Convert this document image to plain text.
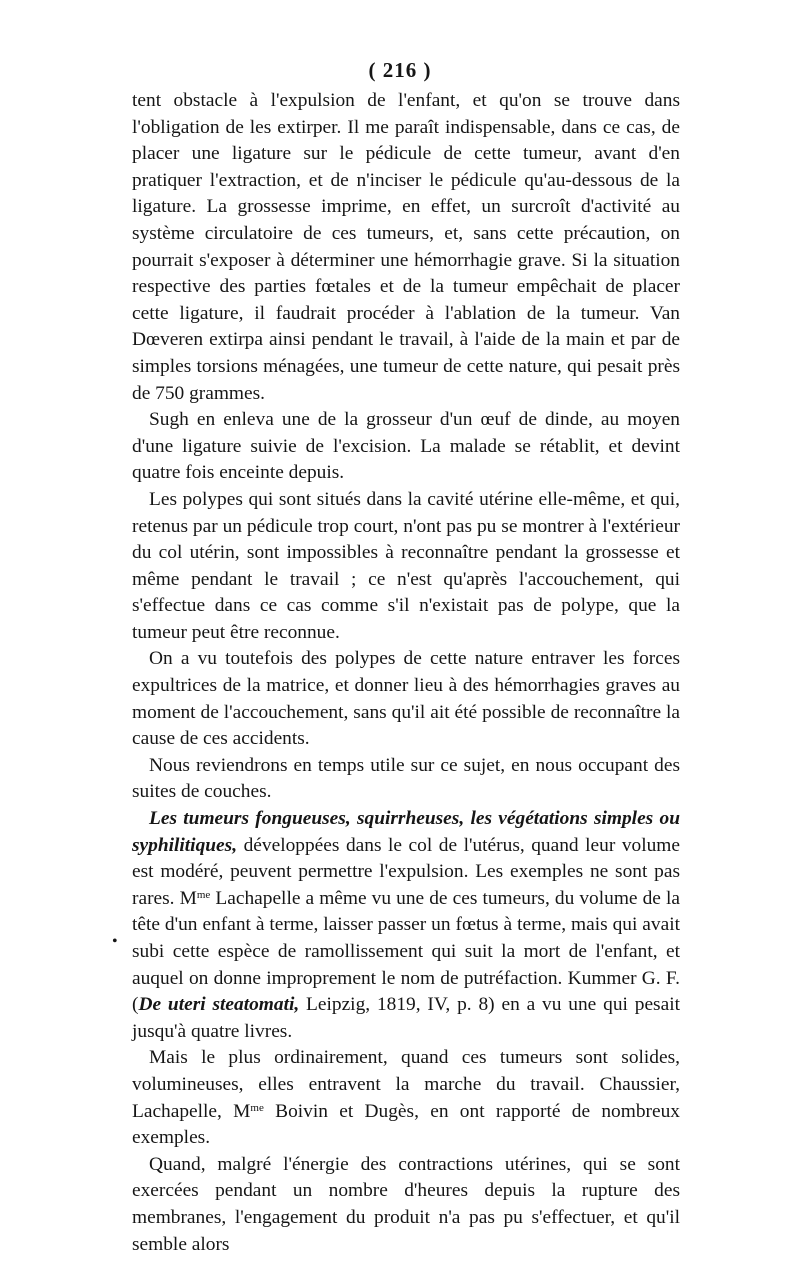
( 216 )
•

tent obstacle à l'expulsion de l'enfant, et qu'on se trouve dans l'obligation de les extirper. Il me paraît indispensable, dans ce cas, de placer une ligature sur le pédicule de cette tumeur, avant d'en pratiquer l'extraction, et de n'inciser le pédicule qu'au-dessous de la ligature. La grossesse imprime, en effet, un surcroît d'activité au système circulatoire de ces tumeurs, et, sans cette précaution, on pourrait s'exposer à déterminer une hémorrhagie grave. Si la situation respective des parties fœtales et de la tumeur empêchait de placer cette ligature, il faudrait procéder à l'ablation de la tumeur. Van Dœveren extirpa ainsi pendant le travail, à l'aide de la main et par de simples torsions ménagées, une tumeur de cette nature, qui pesait près de 750 grammes.

Sugh en enleva une de la grosseur d'un œuf de dinde, au moyen d'une ligature suivie de l'excision. La malade se rétablit, et devint quatre fois enceinte depuis.

Les polypes qui sont situés dans la cavité utérine elle-même, et qui, retenus par un pédicule trop court, n'ont pas pu se montrer à l'extérieur du col utérin, sont impossibles à reconnaître pendant la grossesse et même pendant le travail ; ce n'est qu'après l'accouchement, qui s'effectue dans ce cas comme s'il n'existait pas de polype, que la tumeur peut être reconnue.

On a vu toutefois des polypes de cette nature entraver les forces expultrices de la matrice, et donner lieu à des hémorrhagies graves au moment de l'accouchement, sans qu'il ait été possible de reconnaître la cause de ces accidents.

Nous reviendrons en temps utile sur ce sujet, en nous occupant des suites de couches.

Les tumeurs fongueuses, squirrheuses, les végétations simples ou syphilitiques, développées dans le col de l'utérus, quand leur volume est modéré, peuvent permettre l'expulsion. Les exemples ne sont pas rares. $M^{me}$ Lachapelle a même vu une de ces tumeurs, du volume de la tête d'un enfant à terme, laisser passer un fœtus à terme, mais qui avait subi cette espèce de ramollissement qui suit la mort de l'enfant, et auquel on donne improprement le nom de putréfaction. Kummer G. F. (De uteri steatomati, Leipzig, 1819, IV, p. 8) en a vu une qui pesait jusqu'à quatre livres.

Mais le plus ordinairement, quand ces tumeurs sont solides, volumineuses, elles entravent la marche du travail. Chaussier, Lachapelle, $M^{me}$ Boivin et Dugès, en ont rapporté de nombreux exemples.

Quand, malgré l'énergie des contractions utérines, qui se sont exercées pendant un nombre d'heures depuis la rupture des membranes, l'engagement du produit n'a pas pu s'effectuer, et qu'il semble alors
